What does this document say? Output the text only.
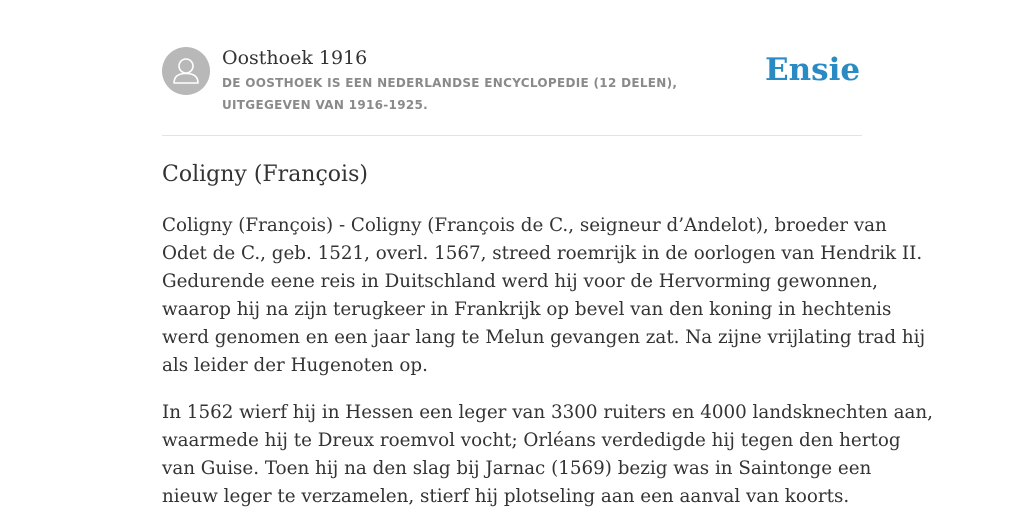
Oosthoek 1916
DE OOSTHOEK IS EEN NEDERLANDSE ENCYCLOPEDIE (12 DELEN), UITGEGEVEN VAN 1916-1925.
Ensie
Coligny (François)

Coligny (François) - Coligny (François de C., seigneur d’Andelot), broeder van
Odet de C., geb. 1521, overl. 1567, streed roemrijk in de oorlogen van Hendrik II.
Gedurende eene reis in Duitschland werd hij voor de Hervorming gewonnen,
waarop hij na zijn terugkeer in Frankrijk op bevel van den koning in hechtenis
werd genomen en een jaar lang te Melun gevangen zat. Na zijne vrijlating trad hij
als leider der Hugenoten op.

In 1562 wierf hij in Hessen een leger van 3300 ruiters en 4000 landsknechten aan,
waarmede hij te Dreux roemvol vocht; Orléans verdedigde hij tegen den hertog
van Guise. Toen hij na den slag bij Jarnac (1569) bezig was in Saintonge een
nieuw leger te verzamelen, stierf hij plotseling aan een aanval van koorts.
